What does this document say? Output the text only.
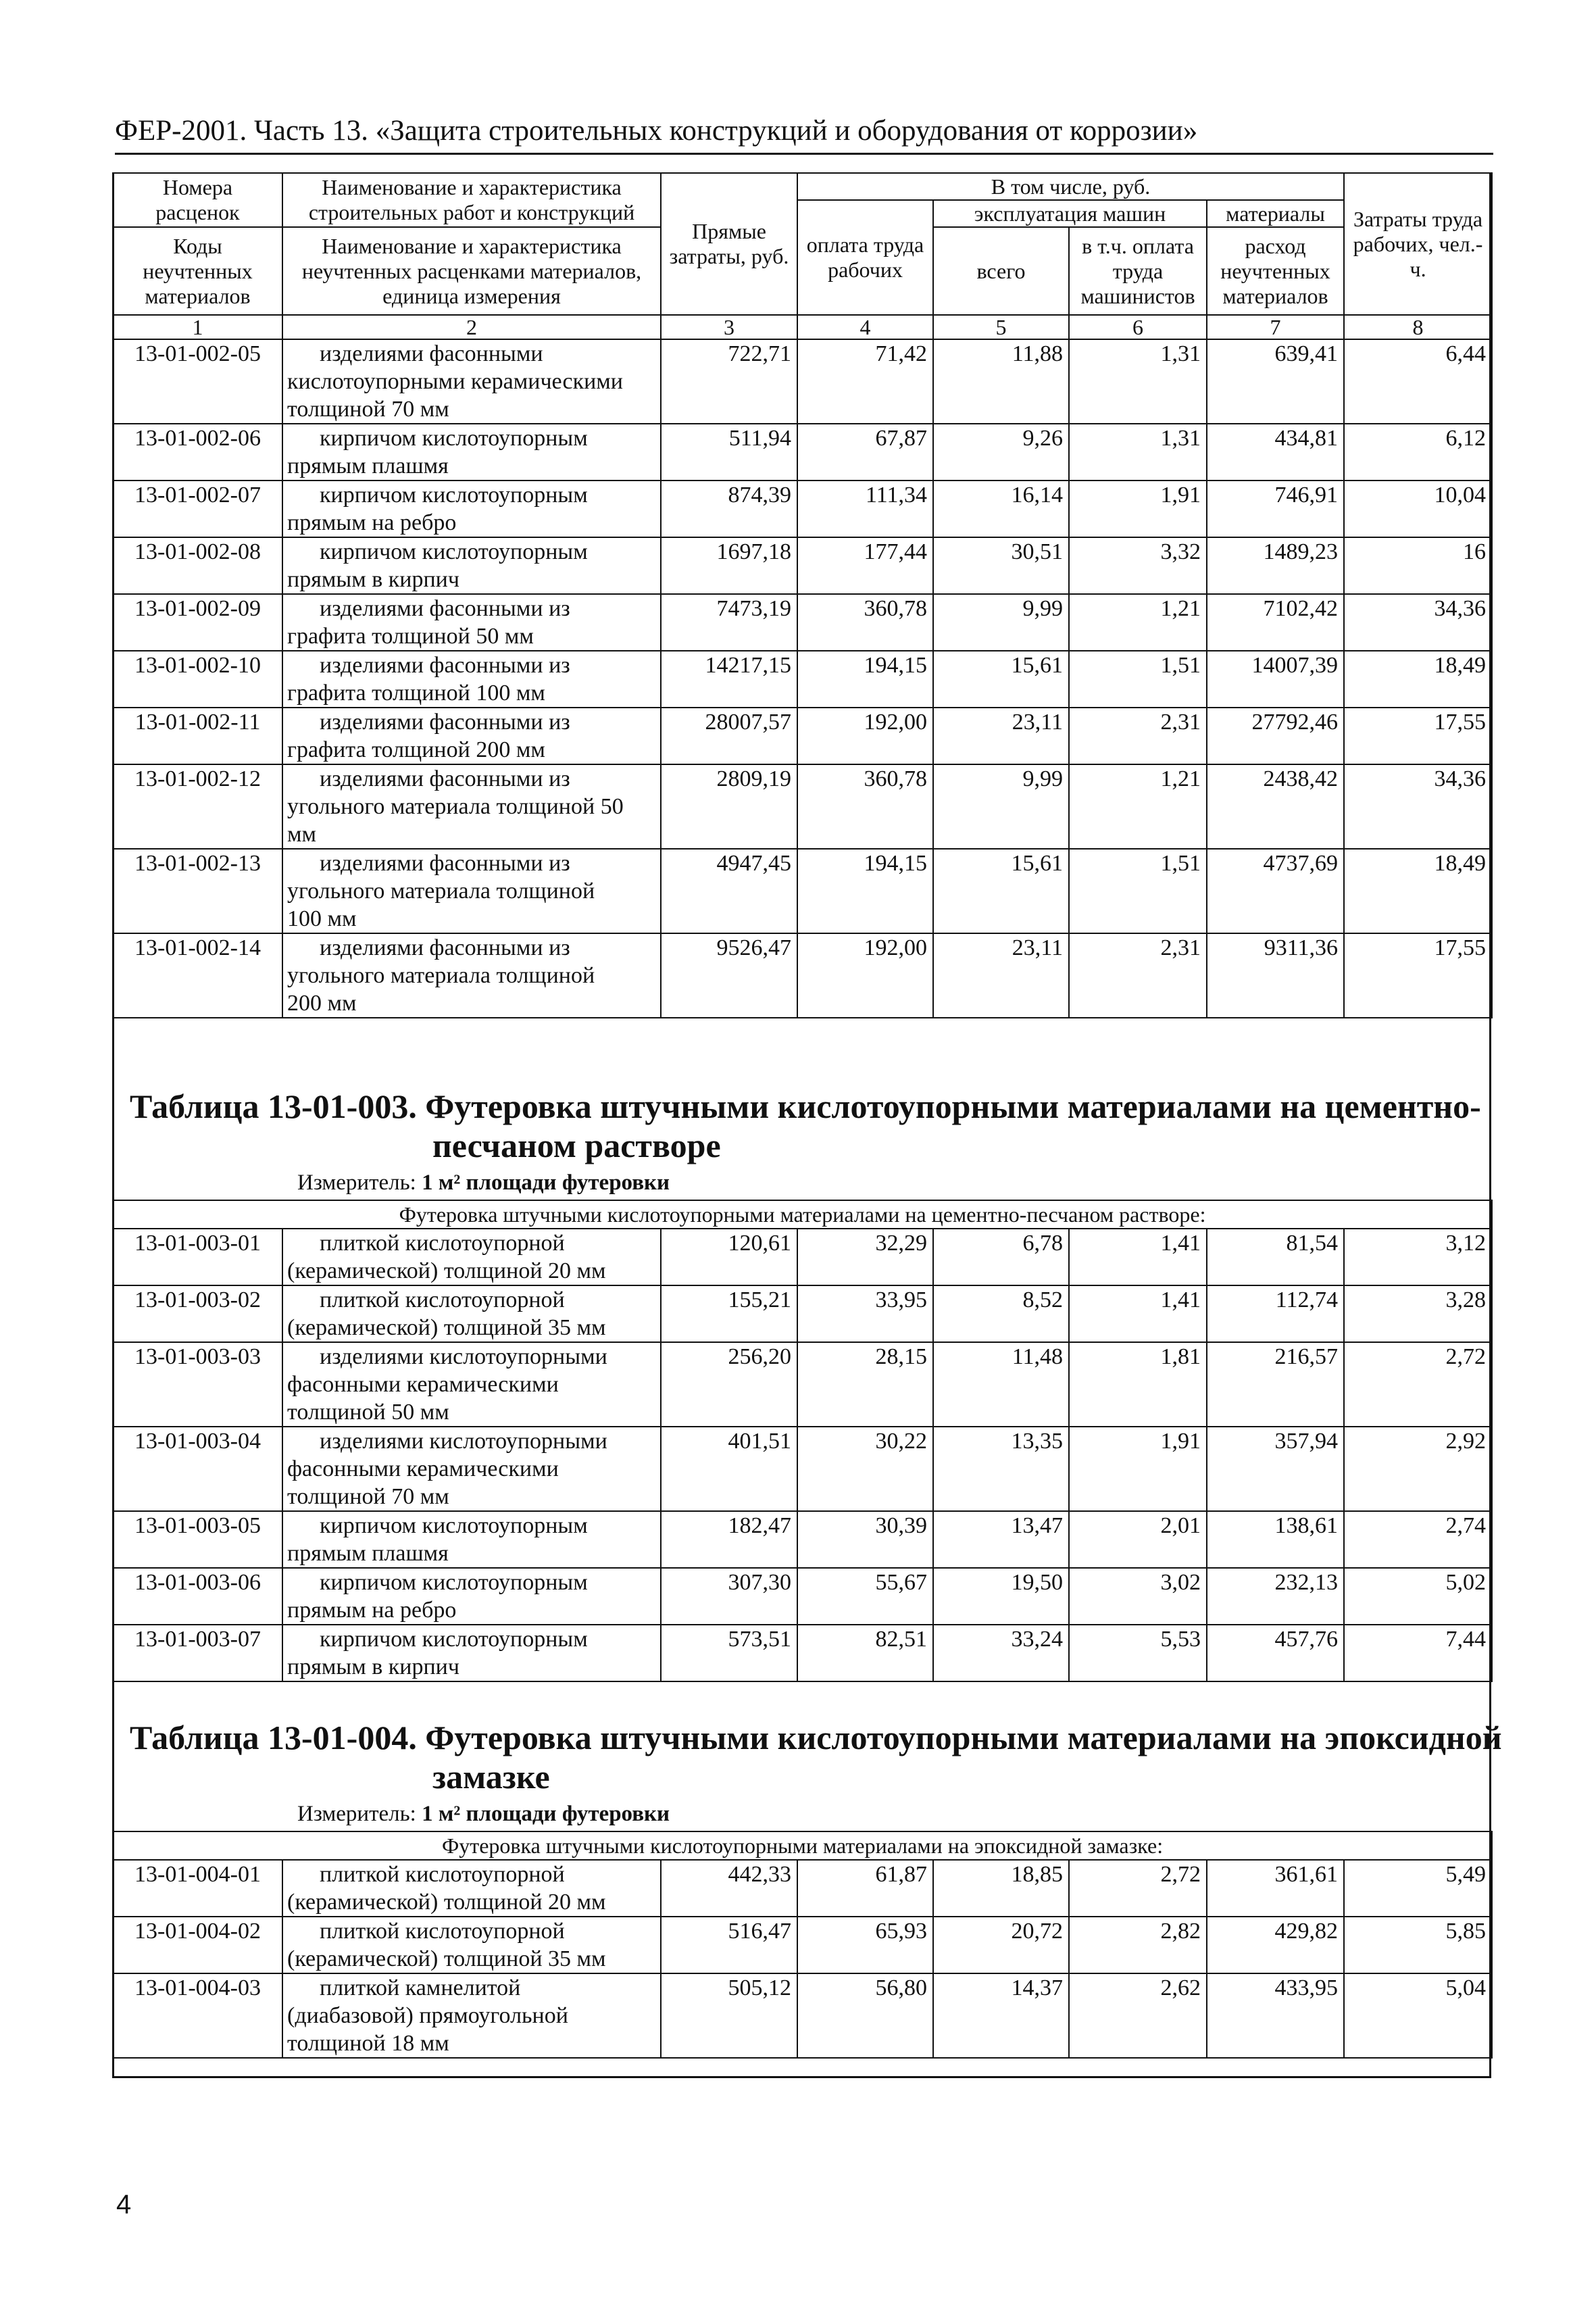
ФЕР-2001. Часть 13. «Защита строительных конструкций и оборудования от коррозии»
Номера расценок	Наименование и характеристика строительных работ и конструкций	Прямые затраты, руб.	В том числе, руб.				Затраты труда рабочих, чел.-ч.
			оплата труда рабочих	эксплуатация машин		материалы	
Коды неучтенных материалов	Наименование и характеристика неучтенных расценками материалов, единица измерения			всего	в т.ч. оплата труда машинистов	расход неучтенных материалов	

1	2	3	4	5	6	7	8
13-01-002-05	изделиями фасонными
кислотоупорными керамическими
толщиной 70 мм	722,71	71,42	11,88	1,31	639,41	6,44
13-01-002-06	кирпичом кислотоупорным
прямым плашмя	511,94	67,87	9,26	1,31	434,81	6,12
13-01-002-07	кирпичом кислотоупорным
прямым на ребро	874,39	111,34	16,14	1,91	746,91	10,04
13-01-002-08	кирпичом кислотоупорным
прямым в кирпич	1697,18	177,44	30,51	3,32	1489,23	16
13-01-002-09	изделиями фасонными из
графита толщиной 50 мм	7473,19	360,78	9,99	1,21	7102,42	34,36
13-01-002-10	изделиями фасонными из
графита толщиной 100 мм	14217,15	194,15	15,61	1,51	14007,39	18,49
13-01-002-11	изделиями фасонными из
графита толщиной 200 мм	28007,57	192,00	23,11	2,31	27792,46	17,55
13-01-002-12	изделиями фасонными из
угольного материала толщиной 50
мм	2809,19	360,78	9,99	1,21	2438,42	34,36
13-01-002-13	изделиями фасонными из
угольного материала толщиной
100 мм	4947,45	194,15	15,61	1,51	4737,69	18,49
13-01-002-14	изделиями фасонными из
угольного материала толщиной
200 мм	9526,47	192,00	23,11	2,31	9311,36	17,55
Таблица 13-01-003. Футеровка штучными кислотоупорными материалами на цементно-
песчаном растворе
Измеритель: 1 м² площади футеровки
Футеровка штучными кислотоупорными материалами на цементно-песчаном растворе:							
13-01-003-01	плиткой кислотоупорной
(керамической) толщиной 20 мм	120,61	32,29	6,78	1,41	81,54	3,12
13-01-003-02	плиткой кислотоупорной
(керамической) толщиной 35 мм	155,21	33,95	8,52	1,41	112,74	3,28
13-01-003-03	изделиями кислотоупорными
фасонными керамическими
толщиной 50 мм	256,20	28,15	11,48	1,81	216,57	2,72
13-01-003-04	изделиями кислотоупорными
фасонными керамическими
толщиной 70 мм	401,51	30,22	13,35	1,91	357,94	2,92
13-01-003-05	кирпичом кислотоупорным
прямым плашмя	182,47	30,39	13,47	2,01	138,61	2,74
13-01-003-06	кирпичом кислотоупорным
прямым на ребро	307,30	55,67	19,50	3,02	232,13	5,02
13-01-003-07	кирпичом кислотоупорным
прямым в кирпич	573,51	82,51	33,24	5,53	457,76	7,44
Таблица 13-01-004. Футеровка штучными кислотоупорными материалами на эпоксидной
замазке
Измеритель: 1 м² площади футеровки
Футеровка штучными кислотоупорными материалами на эпоксидной замазке:							
13-01-004-01	плиткой кислотоупорной
(керамической) толщиной 20 мм	442,33	61,87	18,85	2,72	361,61	5,49
13-01-004-02	плиткой кислотоупорной
(керамической) толщиной 35 мм	516,47	65,93	20,72	2,82	429,82	5,85
13-01-004-03	плиткой камнелитой
(диабазовой) прямоугольной
толщиной 18 мм	505,12	56,80	14,37	2,62	433,95	5,04
4
